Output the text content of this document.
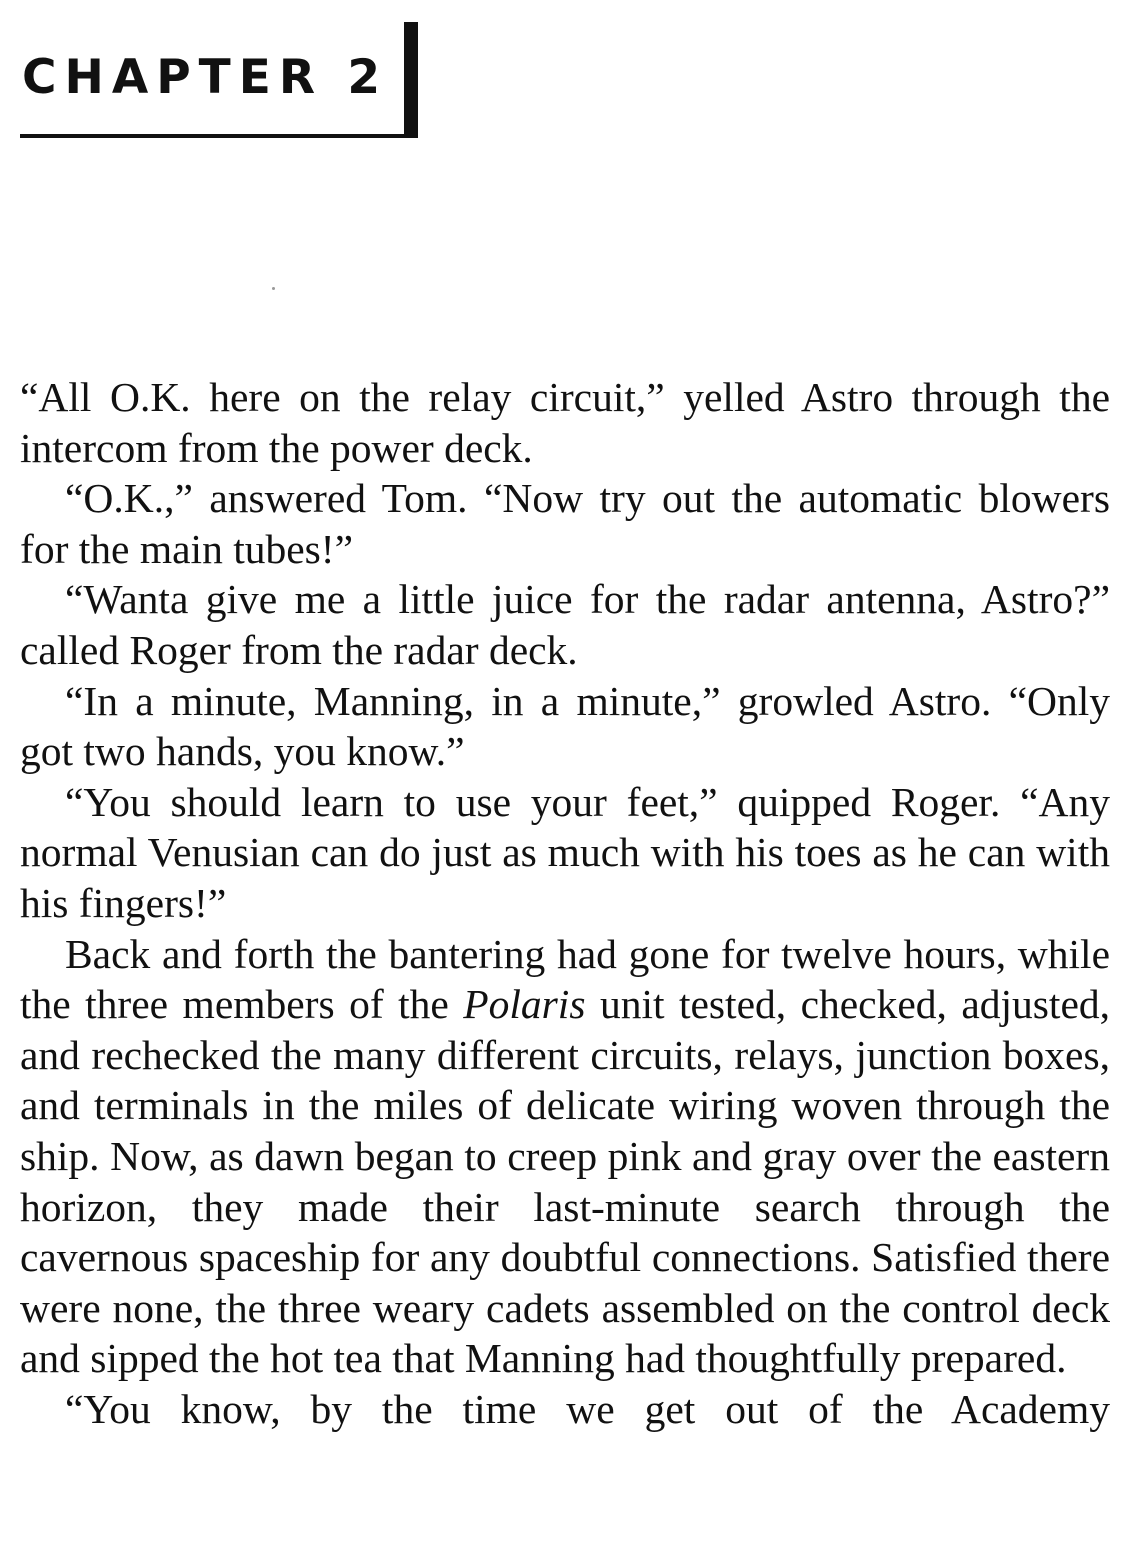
CHAPTER 2

“All O.K. here on the relay circuit,” yelled Astro through the intercom from the power deck.

“O.K.,” answered Tom. “Now try out the automatic blowers for the main tubes!”

“Wanta give me a little juice for the radar antenna, Astro?” called Roger from the radar deck.

“In a minute, Manning, in a minute,” growled Astro. “Only got two hands, you know.”

“You should learn to use your feet,” quipped Roger. “Any normal Venusian can do just as much with his toes as he can with his fingers!”

Back and forth the bantering had gone for twelve hours, while the three members of the Polaris unit tested, checked, adjusted, and rechecked the many different circuits, relays, junction boxes, and terminals in the miles of delicate wiring woven through the ship. Now, as dawn began to creep pink and gray over the eastern horizon, they made their last-minute search through the cavernous spaceship for any doubtful connections. Satisfied there were none, the three weary cadets assembled on the control deck and sipped the hot tea that Manning had thoughtfully prepared.

“You know, by the time we get out of the Academy
